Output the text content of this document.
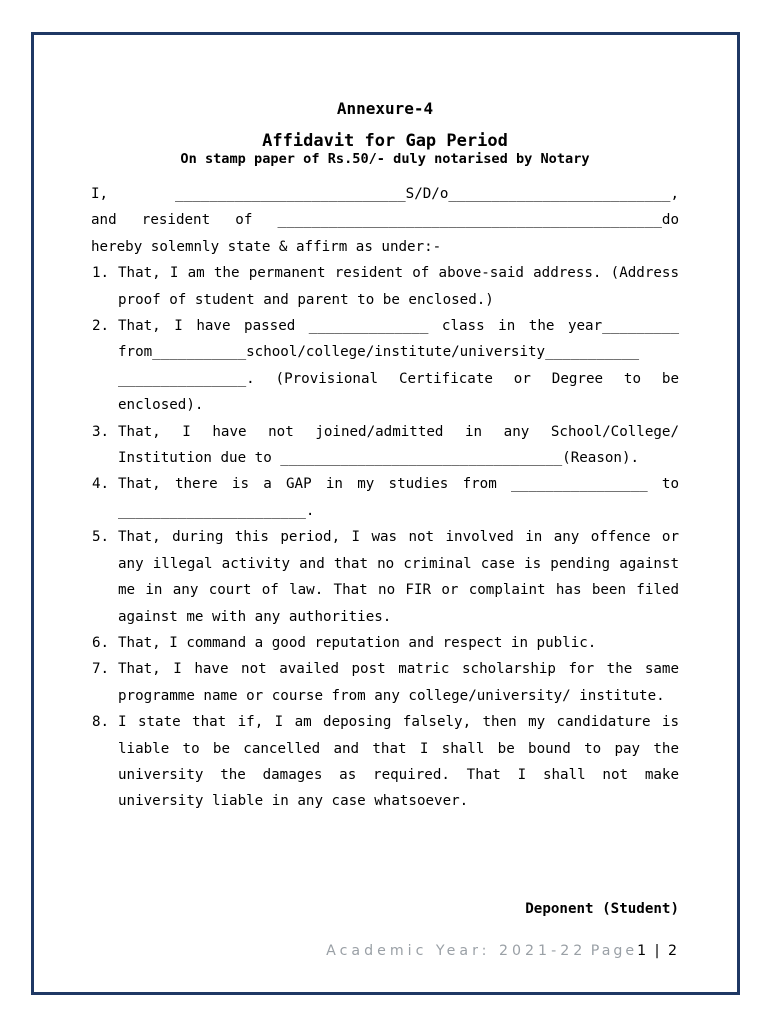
Annexure-4
Affidavit for Gap Period
On stamp paper of Rs.50/- duly notarised by Notary
I, ___________________________S/D/o__________________________,
and resident of _____________________________________________do
hereby solemnly state & affirm as under:-
1. That, I am the permanent resident of above-said address. (Address proof of student and parent to be enclosed.)
2. That, I have passed ______________ class in the year_________ from___________school/college/institute/university___________ _______________. (Provisional Certificate or Degree to be enclosed).
3. That, I have not joined/admitted in any School/College/ Institution due to _________________________________(Reason).
4. That, there is a GAP in my studies from ________________ to ______________________.
5. That, during this period, I was not involved in any offence or any illegal activity and that no criminal case is pending against me in any court of law. That no FIR or complaint has been filed against me with any authorities.
6. That, I command a good reputation and respect in public.
7. That, I have not availed post matric scholarship for the same programme name or course from any college/university/ institute.
8. I state that if, I am deposing falsely, then my candidature is liable to be cancelled and that I shall be bound to pay the university the damages as required. That I shall not make university liable in any case whatsoever.
Deponent (Student)
Academic Year: 2021-22 Page1 | 2
